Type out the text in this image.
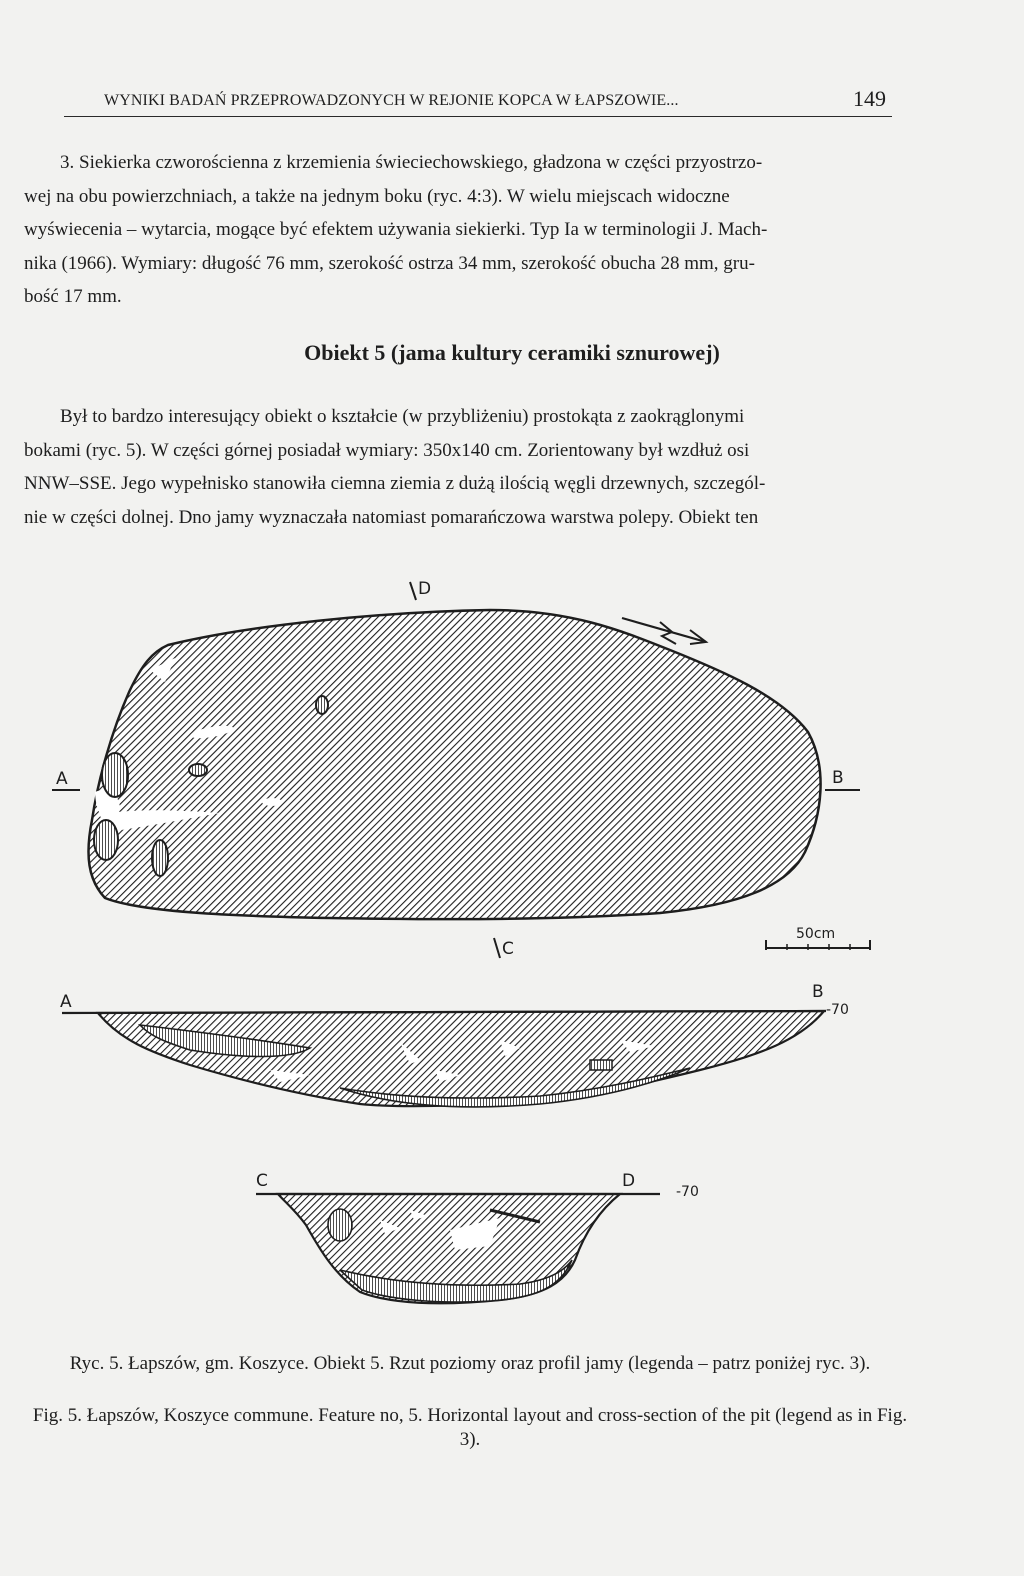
WYNIKI BADAŃ PRZEPROWADZONYCH W REJONIE KOPCA W ŁAPSZOWIE...	149
3. Siekierka czworościenna z krzemienia świeciechowskiego, gładzona w części przyostrzo-
wej na obu powierzchniach, a także na jednym boku (ryc. 4:3). W wielu miejscach widoczne
wyświecenia – wytarcia, mogące być efektem używania siekierki. Typ Ia w terminologii J. Mach-
nika (1966). Wymiary: długość 76 mm, szerokość ostrza 34 mm, szerokość obucha 28 mm, gru-
bość 17 mm.
Obiekt 5 (jama kultury ceramiki sznurowej)
Był to bardzo interesujący obiekt o kształcie (w przybliżeniu) prostokąta z zaokrąglonymi
bokami (ryc. 5). W części górnej posiadał wymiary: 350x140 cm. Zorientowany był wzdłuż osi
NNW–SSE. Jego wypełnisko stanowiła ciemna ziemia z dużą ilością węgli drzewnych, szczegól-
nie w części dolnej. Dno jamy wyznaczała natomiast pomarańczowa warstwa polepy. Obiekt ten
A	B
D
C
50cm
A	B
-70
C	D
-70
Ryc. 5. Łapszów, gm. Koszyce. Obiekt 5. Rzut poziomy oraz profil jamy (legenda – patrz poniżej ryc. 3).
Fig. 5. Łapszów, Koszyce commune. Feature no, 5. Horizontal layout and cross-section of the pit (legend as in Fig. 3).
